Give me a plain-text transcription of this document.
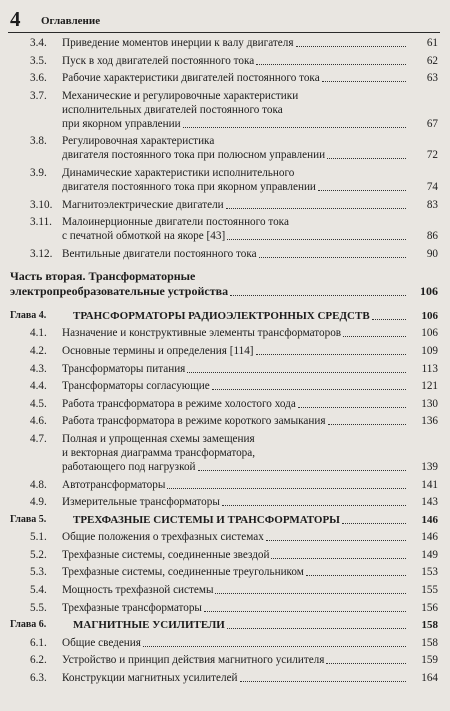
4 Оглавление
3.4. Приведение моментов инерции к валу двигателя	61
3.5. Пуск в ход двигателей постоянного тока	62
3.6. Рабочие характеристики двигателей постоянного тока	63
3.7. Механические и регулировочные характеристики
исполнительных двигателей постоянного тока
при якорном управлении	67
3.8. Регулировочная характеристика
двигателя постоянного тока при полюсном управлении	72
3.9. Динамические характеристики исполнительного
двигателя постоянного тока при якорном управлении	74
3.10. Магнитоэлектрические двигатели	83
3.11. Малоинерционные двигатели постоянного тока
с печатной обмоткой на якоре [43]	86
3.12. Вентильные двигатели постоянного тока	90
Часть вторая. Трансформаторные
электропреобразовательные устройства	106
Глава 4. ТРАНСФОРМАТОРЫ РАДИОЭЛЕКТРОННЫХ СРЕДСТВ	106
4.1. Назначение и конструктивные элементы трансформаторов	106
4.2. Основные термины и определения [114]	109
4.3. Трансформаторы питания	113
4.4. Трансформаторы согласующие	121
4.5. Работа трансформатора в режиме холостого хода	130
4.6. Работа трансформатора в режиме короткого замыкания	136
4.7. Полная и упрощенная схемы замещения
и векторная диаграмма трансформатора,
работающего под нагрузкой	139
4.8. Автотрансформаторы	141
4.9. Измерительные трансформаторы	143
Глава 5. ТРЕХФАЗНЫЕ СИСТЕМЫ И ТРАНСФОРМАТОРЫ	146
5.1. Общие положения о трехфазных системах	146
5.2. Трехфазные системы, соединенные звездой	149
5.3. Трехфазные системы, соединенные треугольником	153
5.4. Мощность трехфазной системы	155
5.5. Трехфазные трансформаторы	156
Глава 6. МАГНИТНЫЕ УСИЛИТЕЛИ	158
6.1. Общие сведения	158
6.2. Устройство и принцип действия магнитного усилителя	159
6.3. Конструкции магнитных усилителей	164
